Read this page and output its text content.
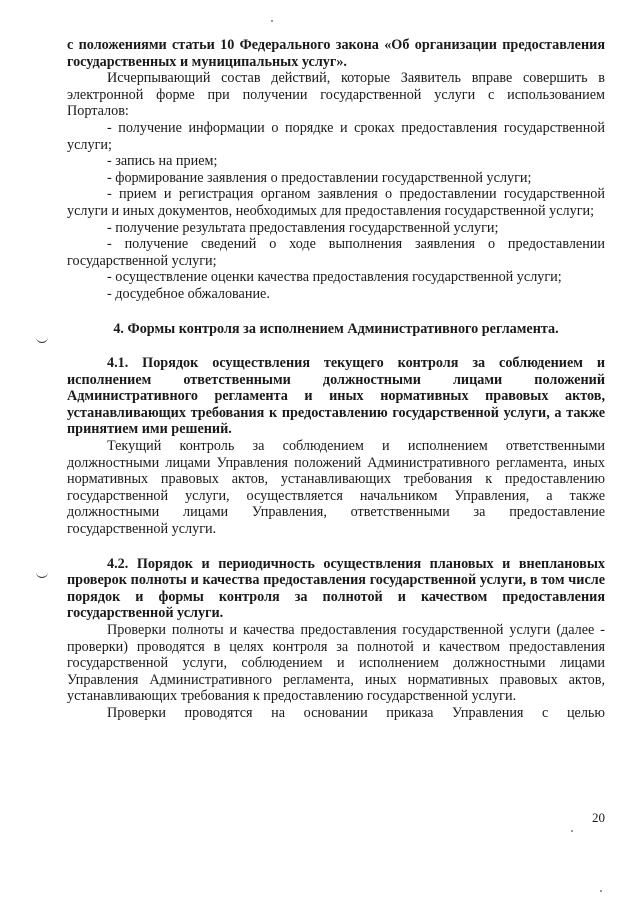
с положениями статьи 10 Федерального закона «Об организации предоставления государственных и муниципальных услуг».

Исчерпывающий состав действий, которые Заявитель вправе совершить в электронной форме при получении государственной услуги с использованием Порталов:

- получение информации о порядке и сроках предоставления государственной услуги;

- запись на прием;

- формирование заявления о предоставлении государственной услуги;

- прием и регистрация органом заявления о предоставлении государственной услуги и иных документов, необходимых для предоставления государственной услуги;

- получение результата предоставления государственной услуги;

- получение сведений о ходе выполнения заявления о предоставлении государственной услуги;

- осуществление оценки качества предоставления государственной услуги;

- досудебное обжалование.

4. Формы контроля за исполнением Административного регламента.

4.1. Порядок осуществления текущего контроля за соблюдением и исполнением ответственными должностными лицами положений Административного регламента и иных нормативных правовых актов, устанавливающих требования к предоставлению государственной услуги, а также принятием ими решений.

Текущий контроль за соблюдением и исполнением ответственными должностными лицами Управления положений Административного регламента, иных нормативных правовых актов, устанавливающих требования к предоставлению государственной услуги, осуществляется начальником Управления, а также должностными лицами Управления, ответственными за предоставление государственной услуги.

4.2. Порядок и периодичность осуществления плановых и внеплановых проверок полноты и качества предоставления государственной услуги, в том числе порядок и формы контроля за полнотой и качеством предоставления государственной услуги.

Проверки полноты и качества предоставления государственной услуги (далее - проверки) проводятся в целях контроля за полнотой и качеством предоставления государственной услуги, соблюдением и исполнением должностными лицами Управления Административного регламента, иных нормативных правовых актов, устанавливающих требования к предоставлению государственной услуги.

Проверки проводятся на основании приказа Управления с целью

20
